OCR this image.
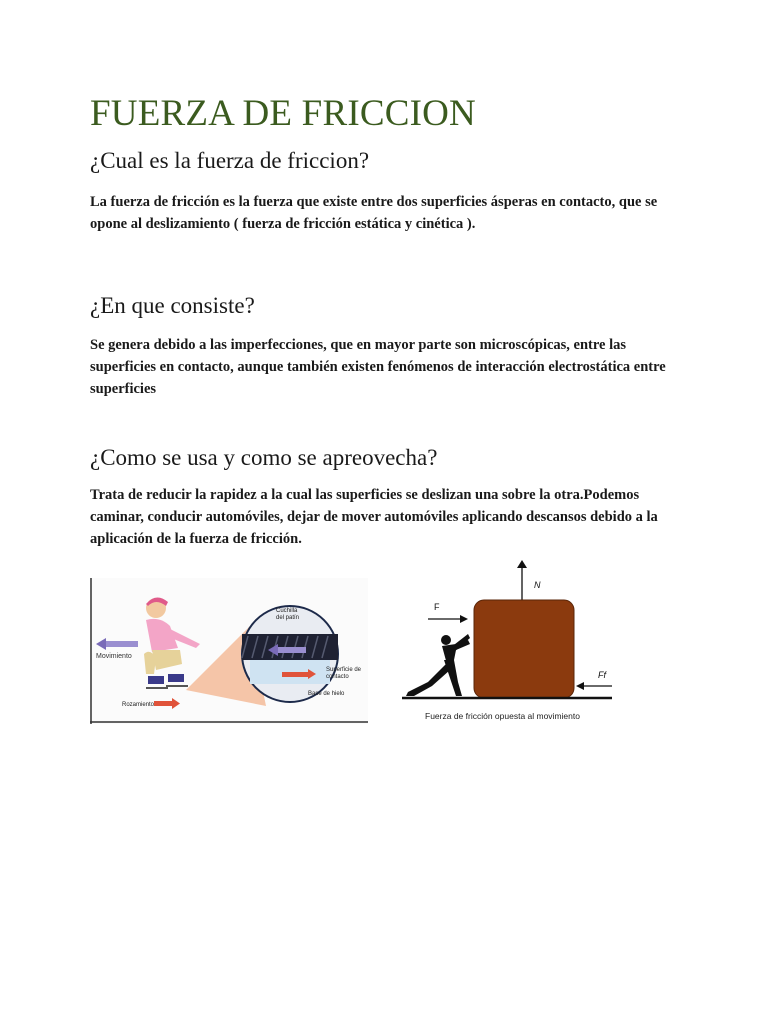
FUERZA DE FRICCION
¿Cual es la fuerza de friccion?

La fuerza de fricción es la fuerza que existe entre dos superficies ásperas en contacto, que se opone al deslizamiento ( fuerza de fricción estática y cinética ).

¿En que consiste?

Se genera debido a las imperfecciones, que en mayor parte son microscópicas, entre las superficies en contacto, aunque también existen fenómenos de interacción electrostática entre superficies

¿Como se usa y como se apreovecha?

Trata de reducir la rapidez a la cual las superficies se deslizan una sobre la otra.Podemos caminar, conducir automóviles, dejar de mover automóviles aplicando descansos debido a la aplicación de la fuerza de fricción.

Movimiento
Cuchilla del patín
Superficie de contacto
Base de hielo
Rozamiento
N
F
Ff
Fuerza de fricción opuesta al movimiento
